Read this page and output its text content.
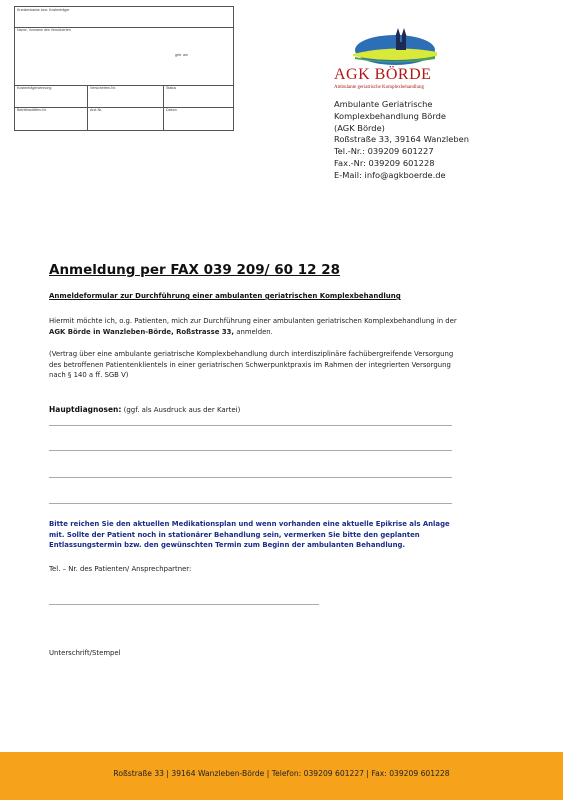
Krankenkasse bzw. Kostenträger
Name, Vorname des Versicherten
geb. am
Kostenträgerkennung	Versicherten-Nr.	Status
Betriebsstätten-Nr.	Arzt-Nr.	Datum
AGK BÖRDE
Ambulante geriatrische Komplexbehandlung
Ambulante Geriatrische
Komplexbehandlung Börde
(AGK Börde)
Roßstraße 33, 39164 Wanzleben
Tel.-Nr.: 039209 601227
Fax.-Nr: 039209 601228
E-Mail: info@agkboerde.de
Anmeldung per FAX 039 209/ 60 12 28
Anmeldeformular zur Durchführung einer ambulanten geriatrischen Komplexbehandlung
Hiermit möchte ich, o.g. Patienten, mich zur Durchführung einer ambulanten geriatrischen Komplexbehandlung in der AGK Börde in Wanzleben-Börde, Roßstrasse 33, anmelden.
(Vertrag über eine ambulante geriatrische Komplexbehandlung durch interdisziplinäre fachübergreifende Versorgung des betroffenen Patientenklientels in einer geriatrischen Schwerpunktpraxis im Rahmen der integrierten Versorgung nach § 140 a ff. SGB V)
Hauptdiagnosen: (ggf. als Ausdruck aus der Kartei)
Bitte reichen Sie den aktuellen Medikationsplan und wenn vorhanden eine aktuelle Epikrise als Anlage mit. Sollte der Patient noch in stationärer Behandlung sein, vermerken Sie bitte den geplanten Entlassungstermin bzw. den gewünschten Termin zum Beginn der ambulanten Behandlung.
Tel. – Nr. des Patienten/ Ansprechpartner:
Unterschrift/Stempel
Roßstraße 33 | 39164 Wanzleben-Börde | Telefon: 039209 601227 | Fax: 039209 601228
